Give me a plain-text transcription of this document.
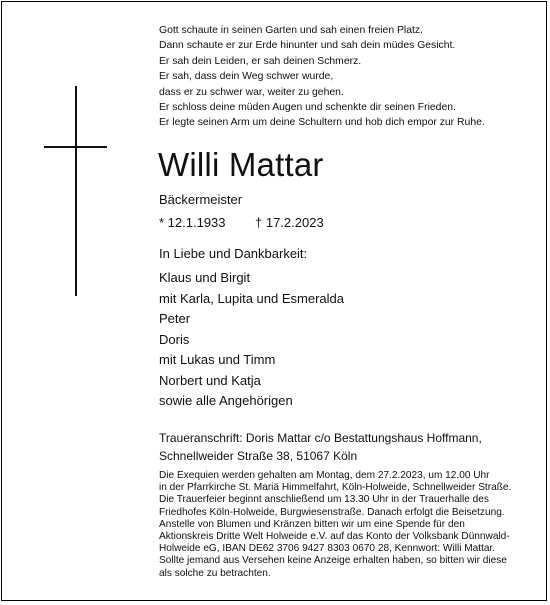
Gott schaute in seinen Garten und sah einen freien Platz.
Dann schaute er zur Erde hinunter und sah dein müdes Gesicht.
Er sah dein Leiden, er sah deinen Schmerz.
Er sah, dass dein Weg schwer wurde,
dass er zu schwer war, weiter zu gehen.
Er schloss deine müden Augen und schenkte dir seinen Frieden.
Er legte seinen Arm um deine Schultern und hob dich empor zur Ruhe.
Willi Mattar
Bäckermeister
* 12.1.1933 † 17.2.2023
In Liebe und Dankbarkeit:
Klaus und Birgit
mit Karla, Lupita und Esmeralda
Peter
Doris
mit Lukas und Timm
Norbert und Katja
sowie alle Angehörigen
Traueranschrift: Doris Mattar c/o Bestattungshaus Hoffmann,
Schnellweider Straße 38, 51067 Köln
Die Exequien werden gehalten am Montag, dem 27.2.2023, um 12.00 Uhr
in der Pfarrkirche St. Mariä Himmelfahrt, Köln-Holweide, Schnellweider Straße.
Die Trauerfeier beginnt anschließend um 13.30 Uhr in der Trauerhalle des
Friedhofes Köln-Holweide, Burgwiesenstraße. Danach erfolgt die Beisetzung.
Anstelle von Blumen und Kränzen bitten wir um eine Spende für den
Aktionskreis Dritte Welt Holweide e.V. auf das Konto der Volksbank Dünnwald-
Holweide eG, IBAN DE62 3706 9427 8303 0670 28, Kennwort: Willi Mattar.
Sollte jemand aus Versehen keine Anzeige erhalten haben, so bitten wir diese
als solche zu betrachten.
